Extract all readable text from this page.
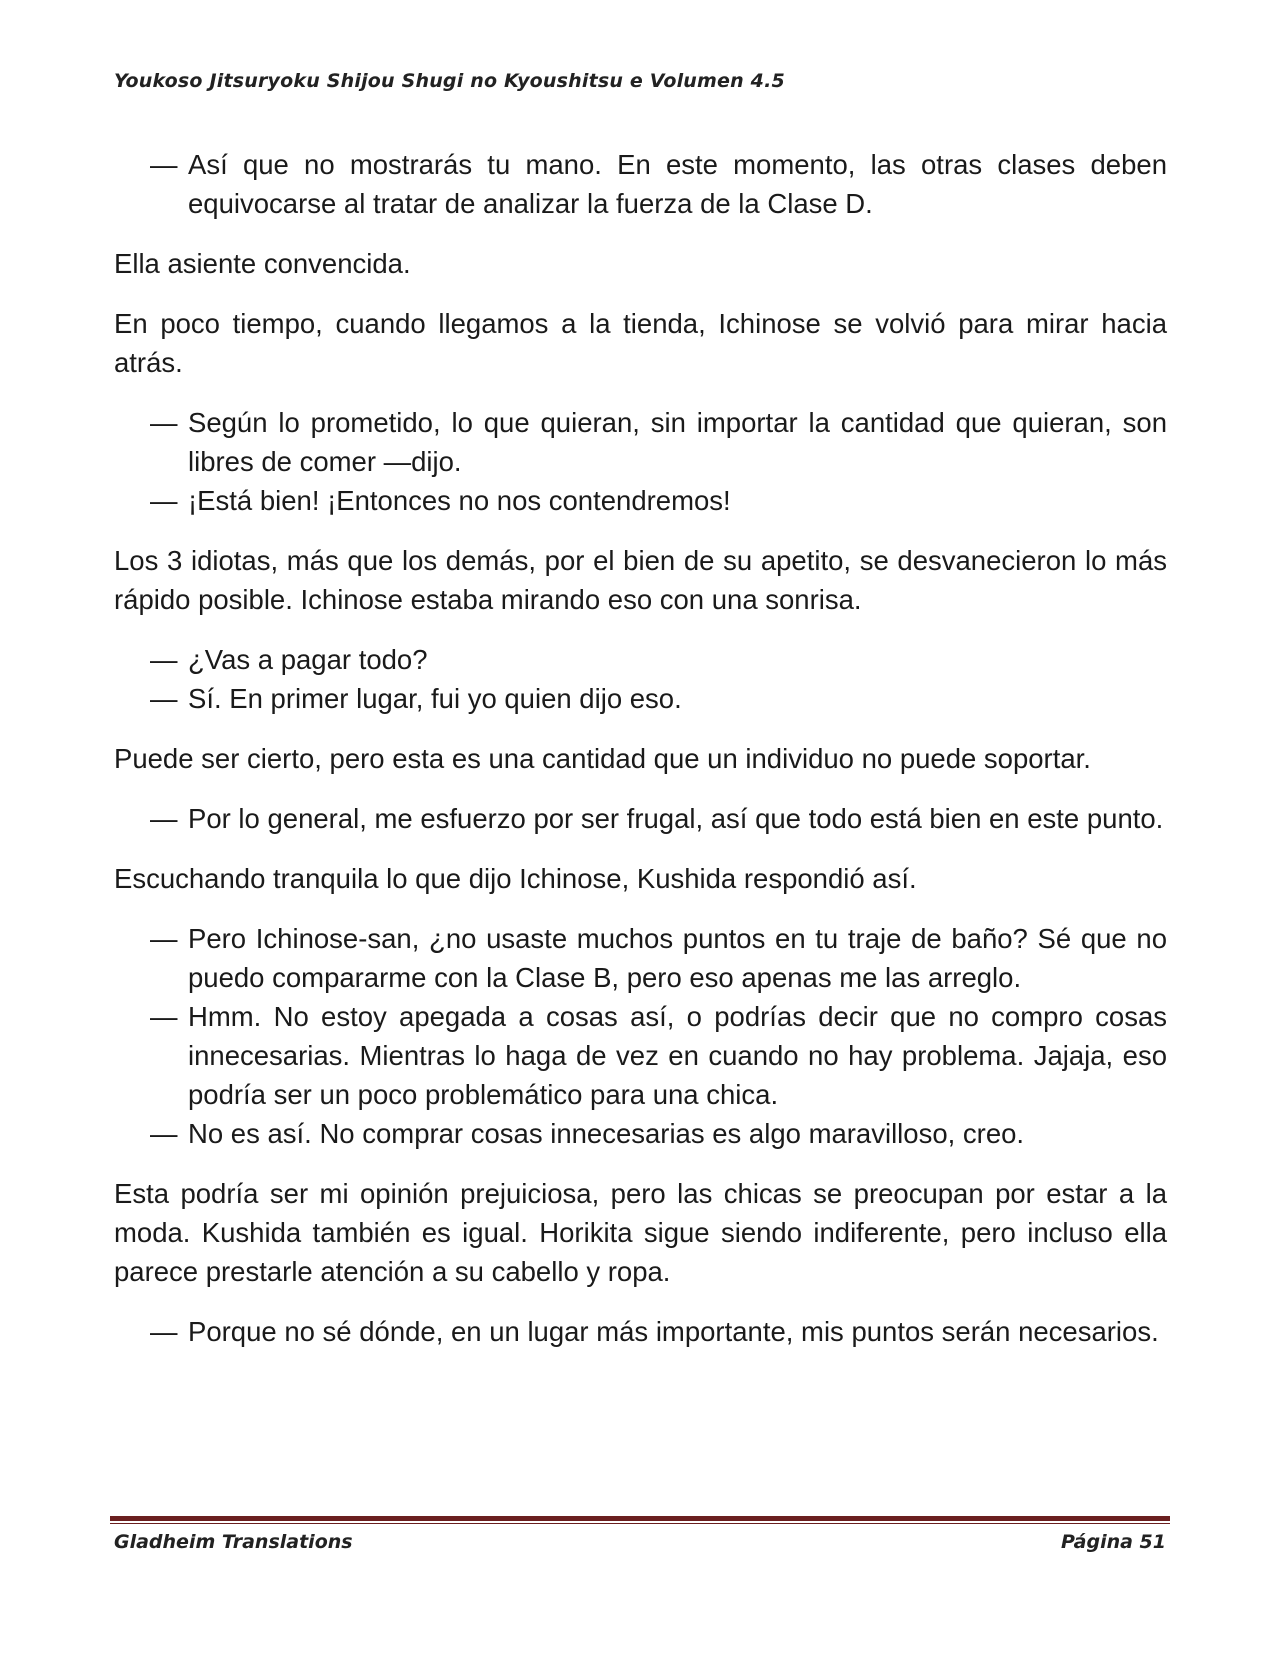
Youkoso Jitsuryoku Shijou Shugi no Kyoushitsu e Volumen 4.5
— Así que no mostrarás tu mano. En este momento, las otras clases deben equivocarse al tratar de analizar la fuerza de la Clase D.

Ella asiente convencida.

En poco tiempo, cuando llegamos a la tienda, Ichinose se volvió para mirar hacia atrás.

— Según lo prometido, lo que quieran, sin importar la cantidad que quieran, son libres de comer —dijo.
— ¡Está bien! ¡Entonces no nos contendremos!

Los 3 idiotas, más que los demás, por el bien de su apetito, se desvanecieron lo más rápido posible. Ichinose estaba mirando eso con una sonrisa.

— ¿Vas a pagar todo?
— Sí. En primer lugar, fui yo quien dijo eso.

Puede ser cierto, pero esta es una cantidad que un individuo no puede soportar.

— Por lo general, me esfuerzo por ser frugal, así que todo está bien en este punto.

Escuchando tranquila lo que dijo Ichinose, Kushida respondió así.

— Pero Ichinose-san, ¿no usaste muchos puntos en tu traje de baño? Sé que no puedo compararme con la Clase B, pero eso apenas me las arreglo.
— Hmm. No estoy apegada a cosas así, o podrías decir que no compro cosas innecesarias. Mientras lo haga de vez en cuando no hay problema. Jajaja, eso podría ser un poco problemático para una chica.
— No es así. No comprar cosas innecesarias es algo maravilloso, creo.

Esta podría ser mi opinión prejuiciosa, pero las chicas se preocupan por estar a la moda. Kushida también es igual. Horikita sigue siendo indiferente, pero incluso ella parece prestarle atención a su cabello y ropa.

— Porque no sé dónde, en un lugar más importante, mis puntos serán necesarios.
Gladheim Translations	Página 51
